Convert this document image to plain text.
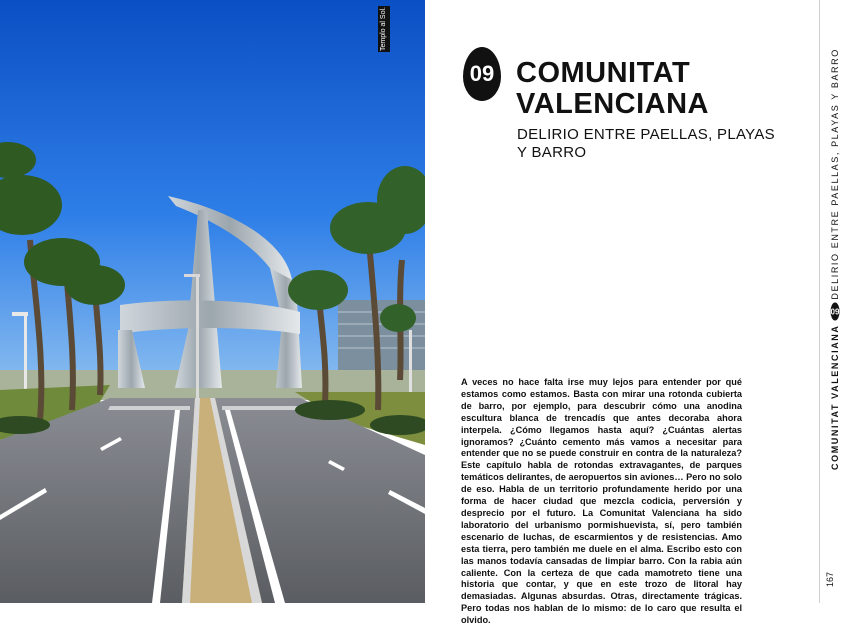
Templo al Sol.
09 COMUNITAT VALENCIANA
DELIRIO ENTRE PAELLAS, PLAYAS Y BARRO
A veces no hace falta irse muy lejos para entender por qué estamos como estamos. Basta con mirar una rotonda cubierta de barro, por ejemplo, para descubrir cómo una anodina escultura blanca de trencadís que antes decoraba ahora interpela. ¿Cómo llegamos hasta aquí? ¿Cuántas alertas ignoramos? ¿Cuánto cemento más vamos a necesitar para entender que no se puede construir en contra de la naturaleza? Este capítulo habla de rotondas extravagantes, de parques temáticos delirantes, de aeropuertos sin aviones… Pero no solo de eso. Habla de un territorio profundamente herido por una forma de hacer ciudad que mezcla codicia, perversión y desprecio por el futuro. La Comunitat Valenciana ha sido laboratorio del urbanismo pormishuevista, sí, pero también escenario de luchas, de escarmientos y de resistencias. Amo esta tierra, pero también me duele en el alma. Escribo esto con las manos todavía cansadas de limpiar barro. Con la rabia aún caliente. Con la certeza de que cada mamotreto tiene una historia que contar, y que en este trozo de litoral hay demasiadas. Algunas absurdas. Otras, directamente trágicas. Pero todas nos hablan de lo mismo: de lo caro que resulta el olvido.
COMUNITAT VALENCIANA
09
DELIRIO ENTRE PAELLAS, PLAYAS Y BARRO
167
